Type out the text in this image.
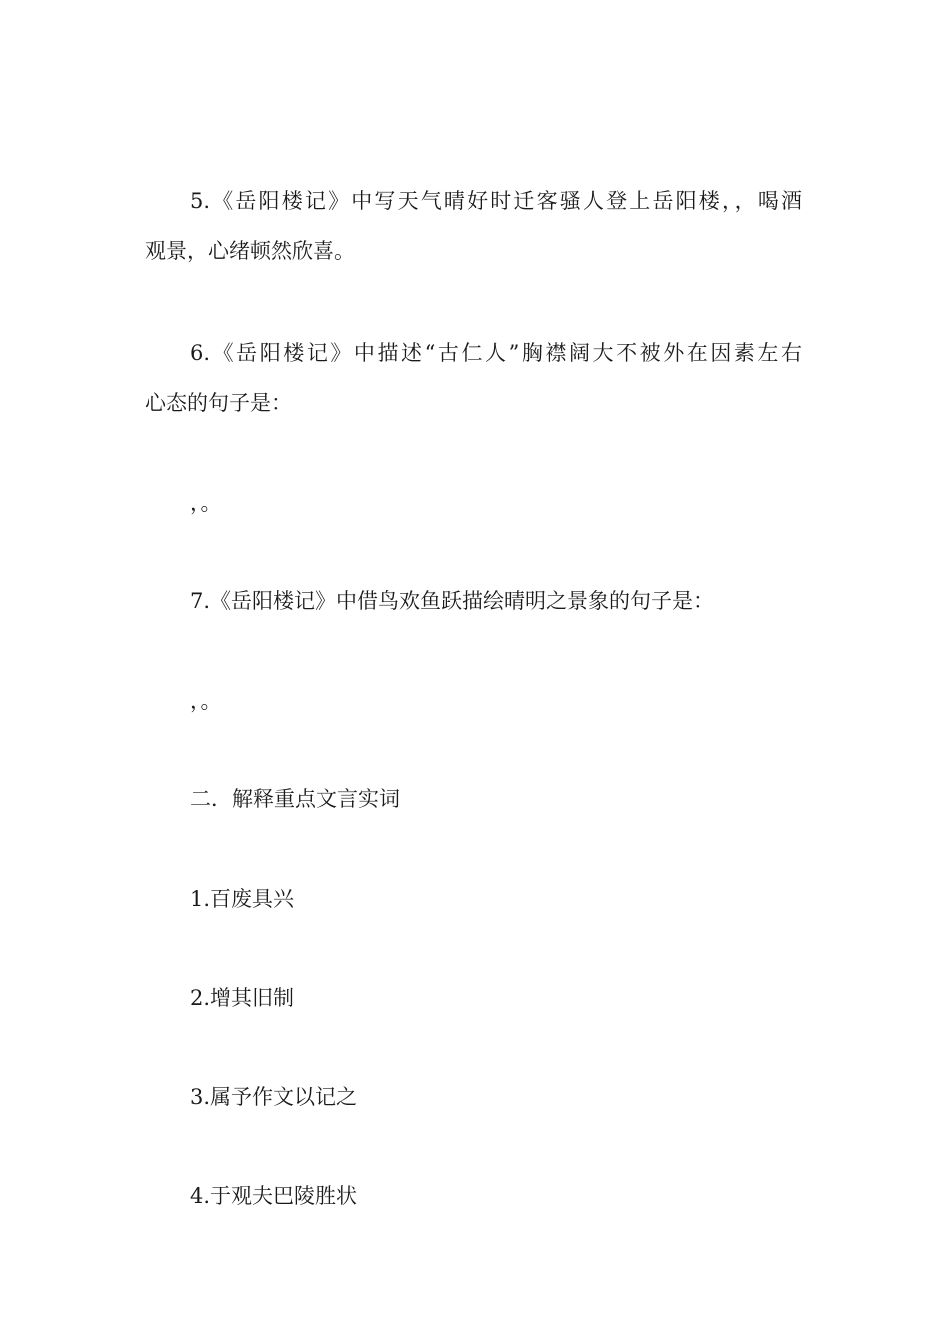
5.《岳阳楼记》中写天气晴好时迁客骚人登上岳阳楼，，喝酒
观景，心绪顿然欣喜。
6.《岳阳楼记》中描述“古仁人”胸襟阔大不被外在因素左右
心态的句子是：
，。
7.《岳阳楼记》中借鸟欢鱼跃描绘晴明之景象的句子是：
，。
二．解释重点文言实词
1.百废具兴
2.增其旧制
3.属予作文以记之
4.于观夫巴陵胜状
